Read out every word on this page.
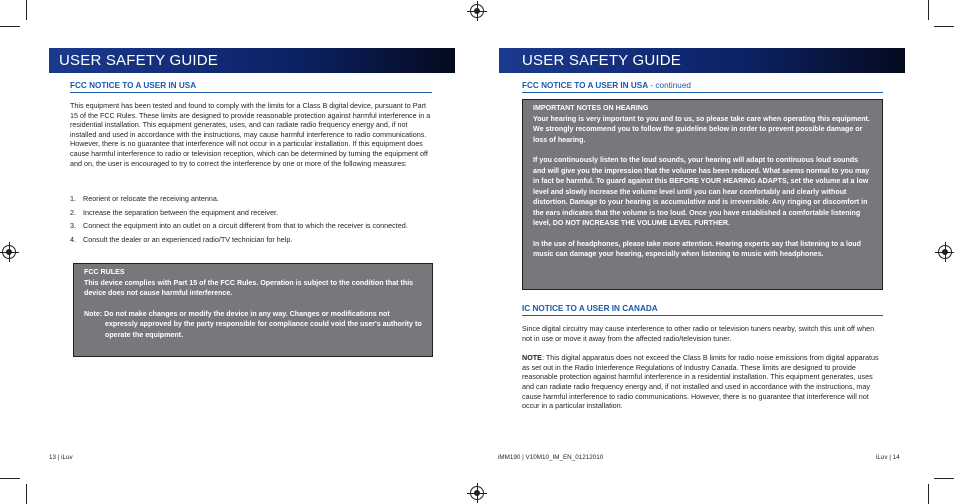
USER SAFETY GUIDE
FCC NOTICE TO A USER IN USA

This equipment has been tested and found to comply with the limits for a Class B digital device, pursuant to Part 15 of the FCC Rules. These limits are designed to provide reasonable protection against harmful interference in a residential installation. This equipment generates, uses, and can radiate radio frequency energy and, if not installed and used in accordance with the instructions, may cause harmful interference to radio communications. However, there is no guarantee that interference will not occur in a particular installation. If this equipment does cause harmful interference to radio or television reception, which can be determined by turning the equipment off and on, the user is encouraged to try to correct the interference by one or more of the following measures:

1. Reorient or relocate the receiving antenna.
2. Increase the separation between the equipment and receiver.
3. Connect the equipment into an outlet on a circuit different from that to which the receiver is connected.
4. Consult the dealer or an experienced radio/TV technician for help.

FCC RULES

This device complies with Part 15 of the FCC Rules. Operation is subject to the condition that this device does not cause harmful interference.

Note: Do not make changes or modify the device in any way. Changes or modifications not expressly approved by the party responsible for compliance could void the user's authority to operate the equipment.

13 | iLuv
USER SAFETY GUIDE
FCC NOTICE TO A USER IN USA - continued

IMPORTANT NOTES ON HEARING

Your hearing is very important to you and to us, so please take care when operating this equipment. We strongly recommend you to follow the guideline below in order to prevent possible damage or loss of hearing.

If you continuously listen to the loud sounds, your hearing will adapt to continuous loud sounds and will give you the impression that the volume has been reduced. What seems normal to you may in fact be harmful. To guard against this BEFORE YOUR HEARING ADAPTS, set the volume at a low level and slowly increase the volume level until you can hear comfortably and clearly without distortion. Damage to your hearing is accumulative and is irreversible. Any ringing or discomfort in the ears indicates that the volume is too loud. Once you have established a comfortable listening level, DO NOT INCREASE THE VOLUME LEVEL FURTHER.

In the use of headphones, please take more attention. Hearing experts say that listening to a loud music can damage your hearing, especially when listening to music with headphones.

IC NOTICE TO A USER IN CANADA

Since digital circuitry may cause interference to other radio or television tuners nearby, switch this unit off when not in use or move it away from the affected radio/television tuner.

NOTE: This digital apparatus does not exceed the Class B limits for radio noise emissions from digital apparatus as set out in the Radio Interference Regulations of Industry Canada. These limits are designed to provide reasonable protection against harmful interference in a residential installation. This equipment generates, uses and can radiate radio frequency energy and, if not installed and used in accordance with the instructions, may cause harmful interference to radio communications. However, there is no guarantee that interference will not occur in a particular installation.

iMM190 | V10M10_IM_EN_01212010	iLuv | 14
